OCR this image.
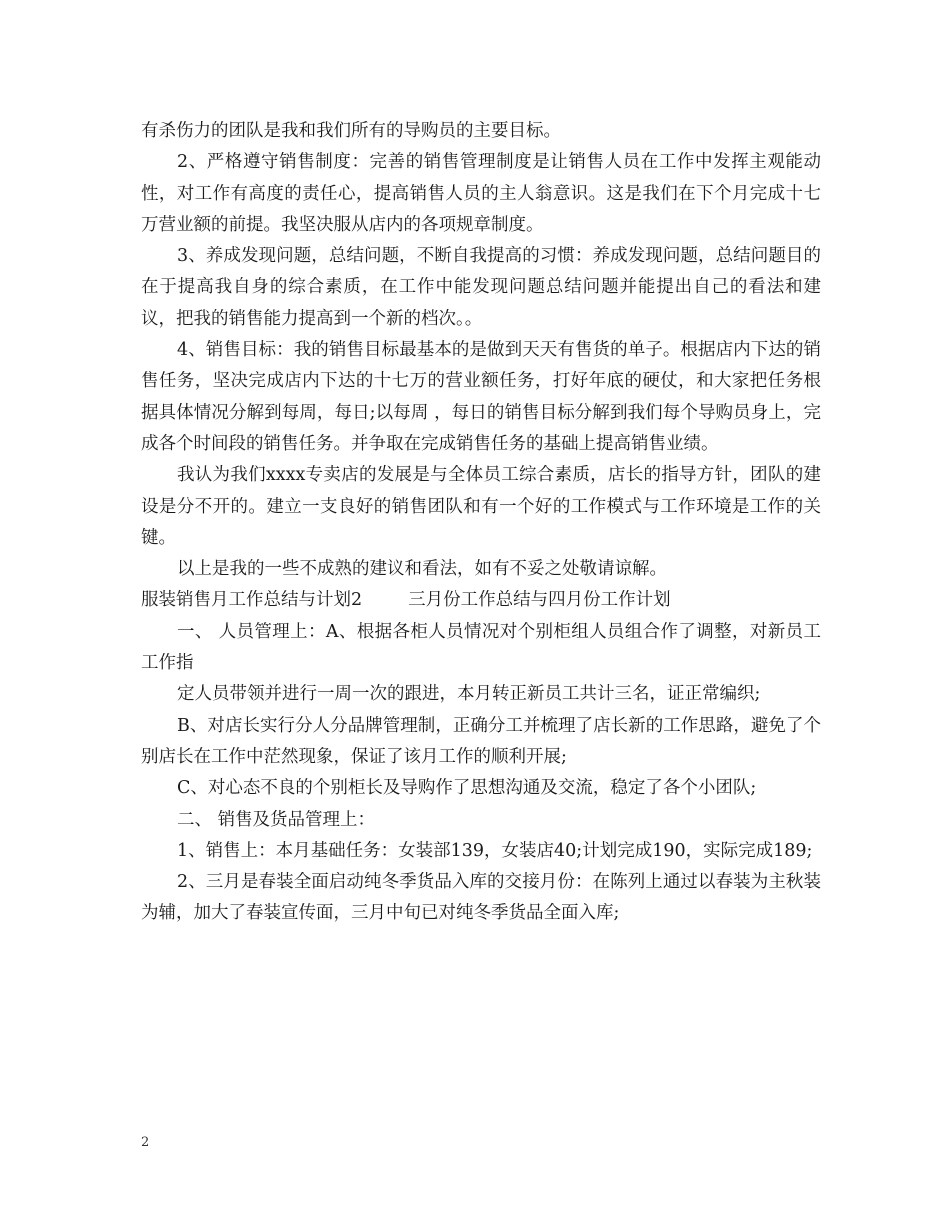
有杀伤力的团队是我和我们所有的导购员的主要目标。

2、严格遵守销售制度：完善的销售管理制度是让销售人员在工作中发挥主观能动性，对工作有高度的责任心，提高销售人员的主人翁意识。这是我们在下个月完成十七万营业额的前提。我坚决服从店内的各项规章制度。

3、养成发现问题，总结问题，不断自我提高的习惯：养成发现问题，总结问题目的在于提高我自身的综合素质，在工作中能发现问题总结问题并能提出自己的看法和建议，把我的销售能力提高到一个新的档次。。

4、销售目标：我的销售目标最基本的是做到天天有售货的单子。根据店内下达的销售任务，坚决完成店内下达的十七万的营业额任务，打好年底的硬仗，和大家把任务根据具体情况分解到每周，每日;以每周 ，每日的销售目标分解到我们每个导购员身上，完成各个时间段的销售任务。并争取在完成销售任务的基础上提高销售业绩。

我认为我们xxxx专卖店的发展是与全体员工综合素质，店长的指导方针，团队的建设是分不开的。建立一支良好的销售团队和有一个好的工作模式与工作环境是工作的关键。

以上是我的一些不成熟的建议和看法，如有不妥之处敬请谅解。

服装销售月工作总结与计划2	三月份工作总结与四月份工作计划

一、 人员管理上：A、根据各柜人员情况对个别柜组人员组合作了调整，对新员工工作指

定人员带领并进行一周一次的跟进，本月转正新员工共计三名，证正常编织;

B、对店长实行分人分品牌管理制，正确分工并梳理了店长新的工作思路，避免了个别店长在工作中茫然现象，保证了该月工作的顺利开展;

C、对心态不良的个别柜长及导购作了思想沟通及交流，稳定了各个小团队;

二、 销售及货品管理上：

1、销售上：本月基础任务：女装部139，女装店40;计划完成190，实际完成189;

2、三月是春装全面启动纯冬季货品入库的交接月份：在陈列上通过以春装为主秋装为辅，加大了春装宣传面，三月中旬已对纯冬季货品全面入库;

2
